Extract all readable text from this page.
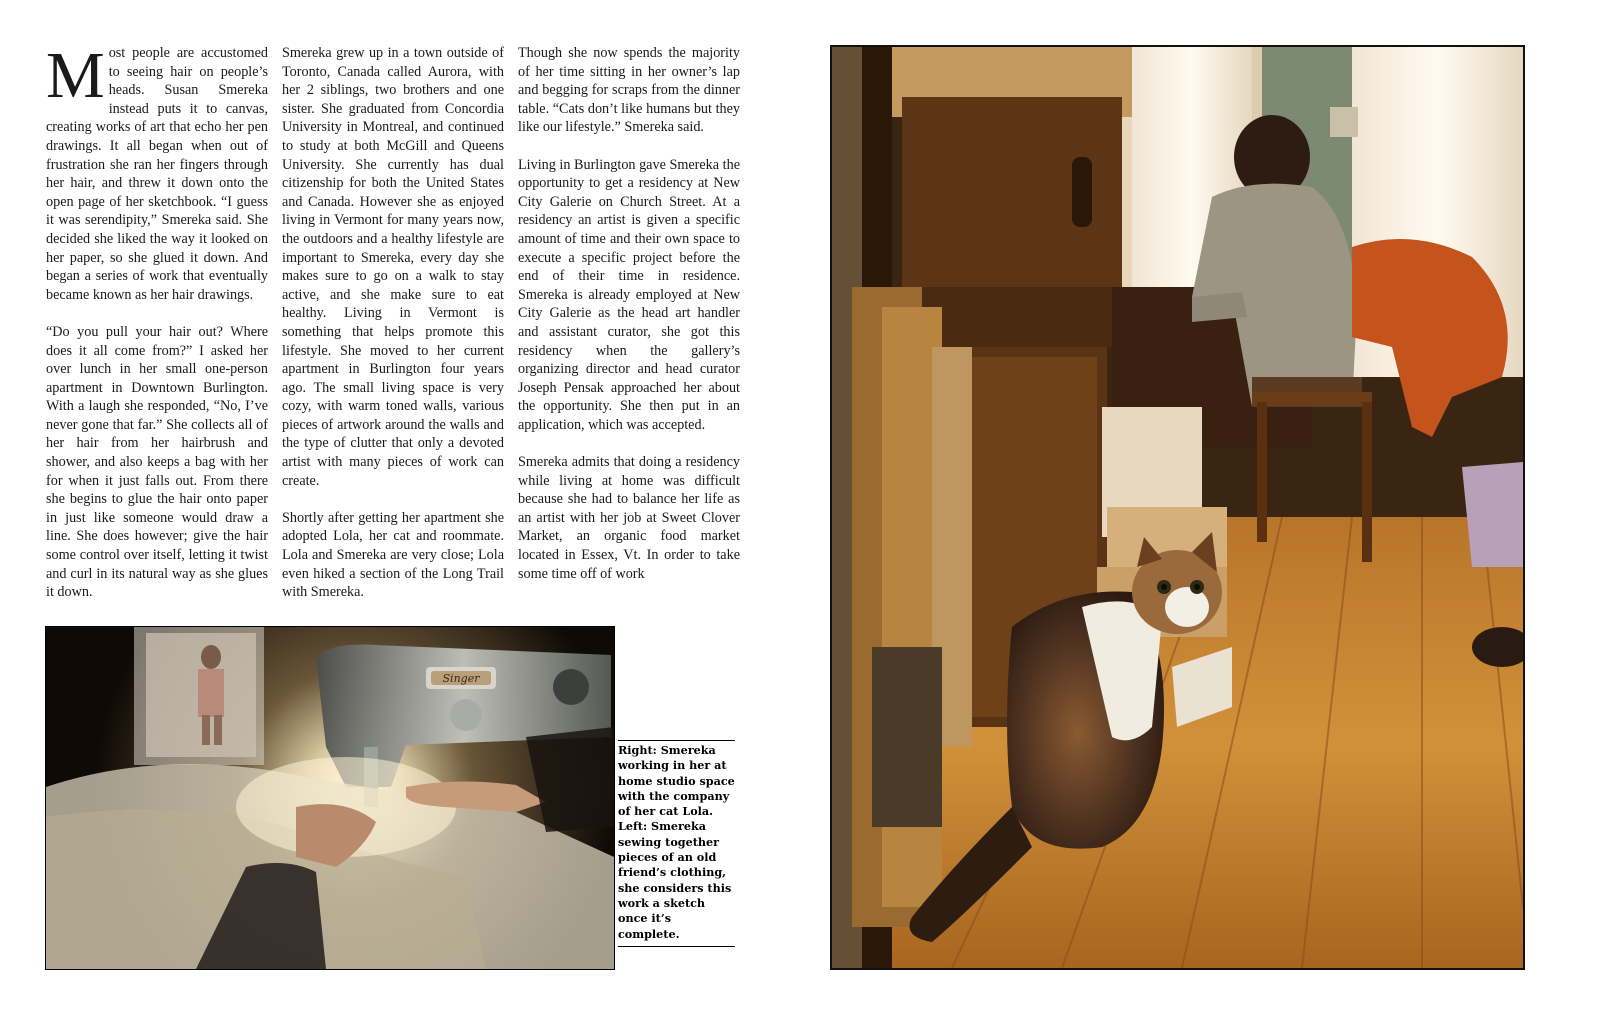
Most people are accustomed to seeing hair on people’s heads. Susan Smereka instead puts it to canvas, creating works of art that echo her pen drawings. It all began when out of frustration she ran her fingers through her hair, and threw it down onto the open page of her sketchbook. “I guess it was serendipity,” Smereka said. She decided she liked the way it looked on her paper, so she glued it down. And began a series of work that eventually became known as her hair drawings.

“Do you pull your hair out? Where does it all come from?” I asked her over lunch in her small one-person apartment in Downtown Burlington. With a laugh she responded, “No, I’ve never gone that far.” She collects all of her hair from her hairbrush and shower, and also keeps a bag with her for when it just falls out. From there she begins to glue the hair onto paper in just like someone would draw a line. She does however; give the hair some control over itself, letting it twist and curl in its natural way as she glues it down.

Smereka grew up in a town outside of Toronto, Canada called Aurora, with her 2 siblings, two brothers and one sister. She graduated from Concordia University in Montreal, and continued to study at both McGill and Queens University. She currently has dual citizenship for both the United States and Canada. However she as enjoyed living in Vermont for many years now, the outdoors and a healthy lifestyle are important to Smereka, every day she makes sure to go on a walk to stay active, and she make sure to eat healthy. Living in Vermont is something that helps promote this lifestyle. She moved to her current apartment in Burlington four years ago. The small living space is very cozy, with warm toned walls, various pieces of artwork around the walls and the type of clutter that only a devoted artist with many pieces of work can create.

Shortly after getting her apartment she adopted Lola, her cat and roommate. Lola and Smereka are very close; Lola even hiked a section of the Long Trail with Smereka.

Though she now spends the majority of her time sitting in her owner’s lap and begging for scraps from the dinner table. “Cats don’t like humans but they like our lifestyle.” Smereka said.

Living in Burlington gave Smereka the opportunity to get a residency at New City Galerie on Church Street. At a residency an artist is given a specific amount of time and their own space to execute a specific project before the end of their time in residence. Smereka is already employed at New City Galerie as the head art handler and assistant curator, she got this residency when the gallery’s organizing director and head curator Joseph Pensak approached her about the opportunity. She then put in an application, which was accepted.

Smereka admits that doing a residency while living at home was difficult because she had to balance her life as an artist with her job at Sweet Clover Market, an organic food market located in Essex, Vt. In order to take some time off of work

Singer
Right: Smereka working in her at home studio space with the company of her cat Lola.
Left: Smereka sewing together pieces of an old friend’s clothing, she considers this work a sketch once it’s complete.
